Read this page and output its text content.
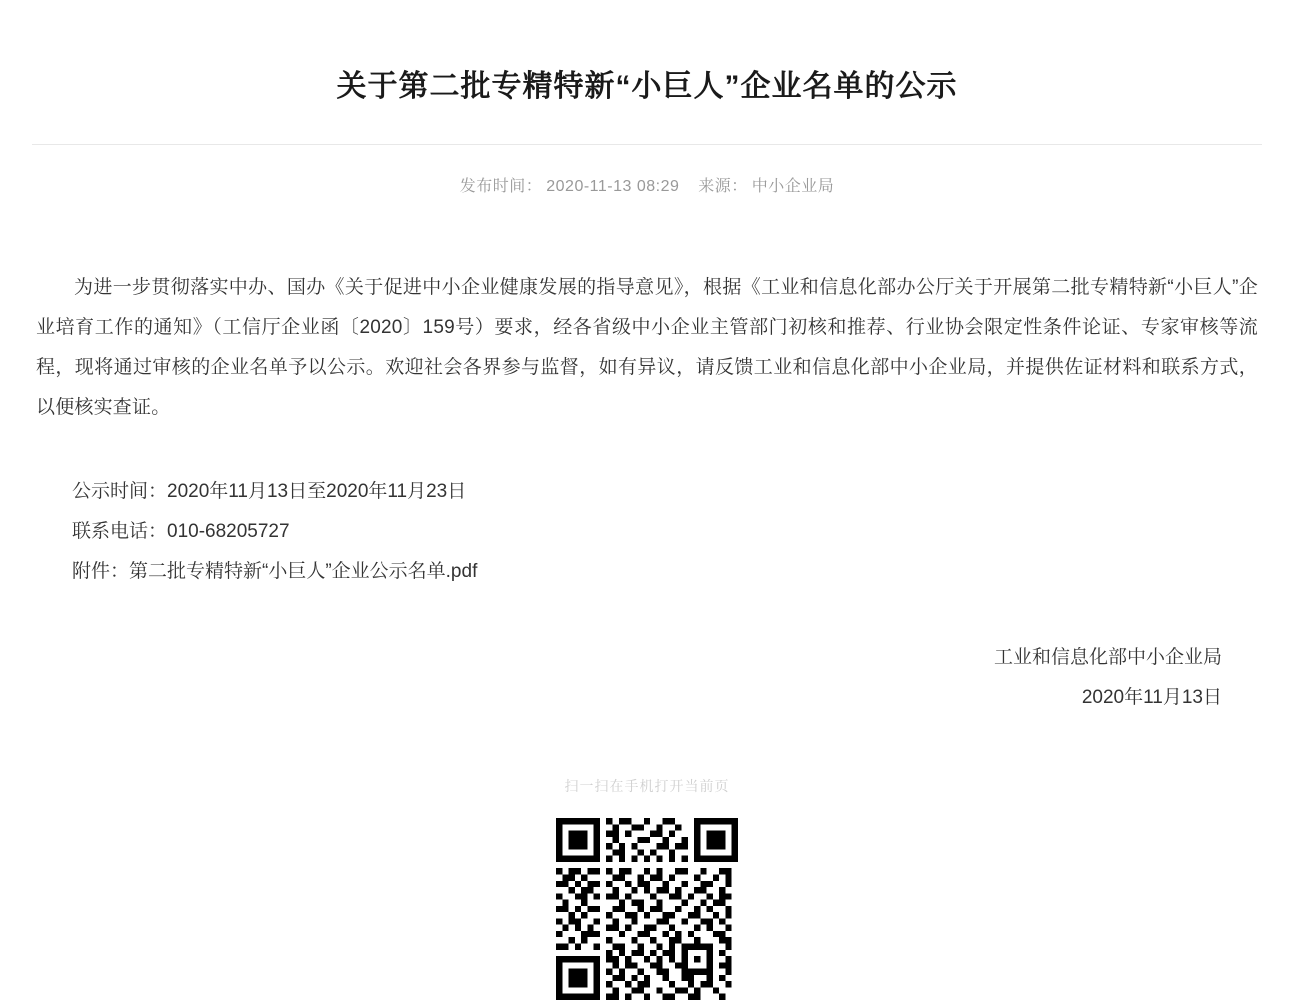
关于第二批专精特新“小巨人”企业名单的公示
发布时间： 2020-11-13 08:29 来源： 中小企业局

为进一步贯彻落实中办、国办《关于促进中小企业健康发展的指导意见》，根据《工业和信息化部办公厅关于开展第二批专精特新“小巨人”企业培育工作的通知》（工信厅企业函〔2020〕159号）要求，经各省级中小企业主管部门初核和推荐、行业协会限定性条件论证、专家审核等流程，现将通过审核的企业名单予以公示。欢迎社会各界参与监督，如有异议，请反馈工业和信息化部中小企业局，并提供佐证材料和联系方式，以便核实查证。

公示时间：2020年11月13日至2020年11月23日

联系电话：010-68205727

附件：第二批专精特新“小巨人”企业公示名单.pdf

工业和信息化部中小企业局

2020年11月13日

扫一扫在手机打开当前页
